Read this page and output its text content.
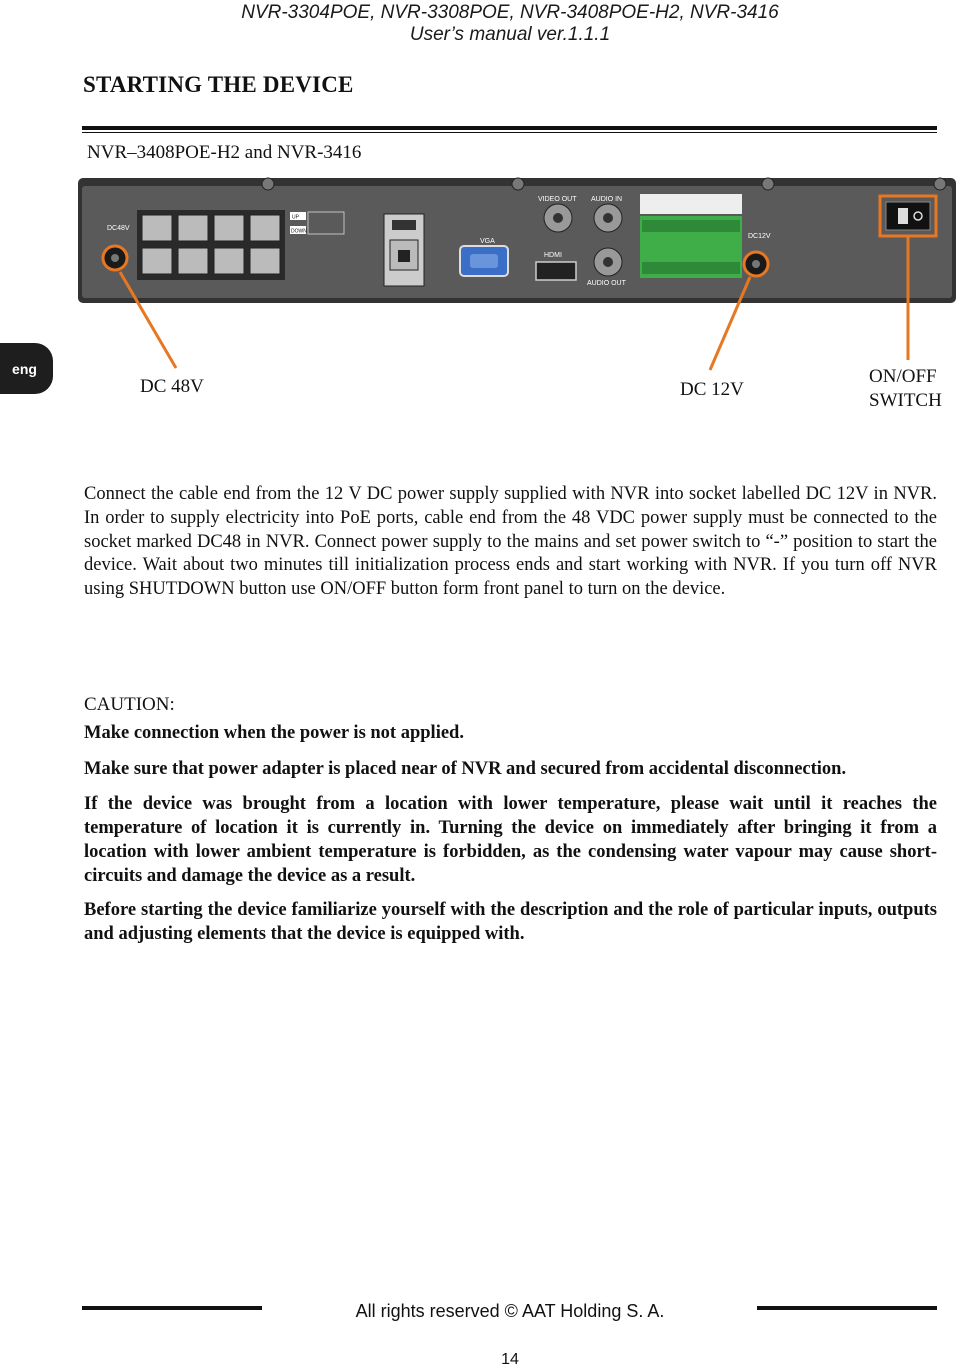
NVR-3304POE, NVR-3308POE, NVR-3408POE-H2, NVR-3416
User’s manual ver.1.1.1
STARTING THE DEVICE
NVR–3408POE-H2 and NVR-3416
DC48V
UP
DOWN
VGA
VIDEO OUT
HDMI
AUDIO IN
AUDIO OUT
DC12V
eng
DC 48V	DC 12V
ON/OFF
SWITCH
Connect the cable end from the 12 V DC power supply supplied with NVR into socket labelled DC 12V in NVR. In order to supply electricity into PoE ports, cable end from the 48 VDC power supply must be connected to the socket marked DC48 in NVR. Connect power supply to the mains and set power switch to “-” position to start the device. Wait about two minutes till initialization process ends and start working with NVR. If you turn off NVR using SHUTDOWN button use ON/OFF button form front panel to turn on the device.
CAUTION:
Make connection when the power is not applied.
Make sure that power adapter is placed near of NVR and secured from accidental disconnection.
If the device was brought from a location with lower temperature, please wait until it reaches the temperature of location it is currently in. Turning the device on immediately after bringing it from a location with lower ambient temperature is forbidden, as the condensing water vapour may cause short-circuits and damage the device as a result.
Before starting the device familiarize yourself with the description and the role of particular inputs, outputs and adjusting elements that the device is equipped with.
All rights reserved © AAT Holding S. A.
14
